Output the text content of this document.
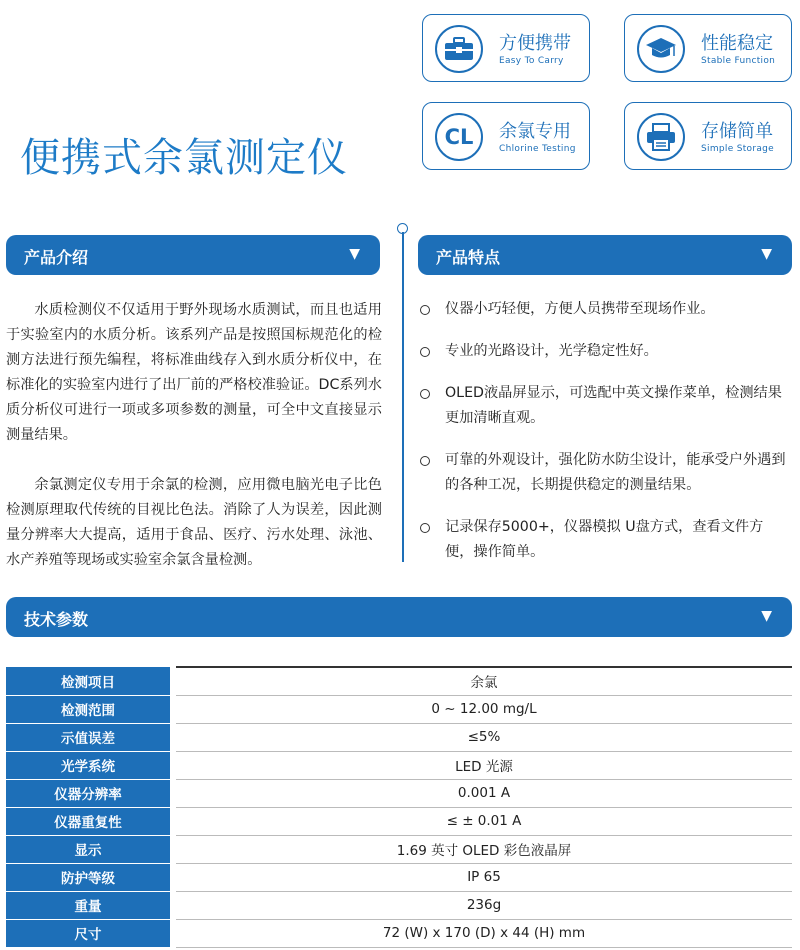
便携式余氯测定仪
方便携带
Easy To Carry
性能稳定
Stable Function
CL 余氯专用
Chlorine Testing
存储简单
Simple Storage
产品介绍	▼	产品特点	▼
技术参数	▼

水质检测仪不仅适用于野外现场水质测试，而且也适用于实验室内的水质分析。该系列产品是按照国标规范化的检测方法进行预先编程，将标准曲线存入到水质分析仪中，在标准化的实验室内进行了出厂前的严格校准验证。DC系列水质分析仪可进行一项或多项参数的测量，可全中文直接显示测量结果。

余氯测定仪专用于余氯的检测，应用微电脑光电子比色检测原理取代传统的目视比色法。消除了人为误差，因此测量分辨率大大提高，适用于食品、医疗、污水处理、泳池、水产养殖等现场或实验室余氯含量检测。

仪器小巧轻便，方便人员携带至现场作业。
专业的光路设计，光学稳定性好。
OLED液晶屏显示，可选配中英文操作菜单，检测结果更加清晰直观。
可靠的外观设计，强化防水防尘设计，能承受户外遇到的各种工况，长期提供稳定的测量结果。
记录保存5000+，仪器模拟 U盘方式，查看文件方便，操作简单。
检测项目		余氯
检测范围		0 ~ 12.00 mg/L
示值误差		≤5%
光学系统		LED 光源
仪器分辨率		0.001 A
仪器重复性		≤ ± 0.01 A
显示		1.69 英寸 OLED 彩色液晶屏
防护等级		IP 65
重量		236g
尺寸		72 (W) x 170 (D) x 44 (H) mm
